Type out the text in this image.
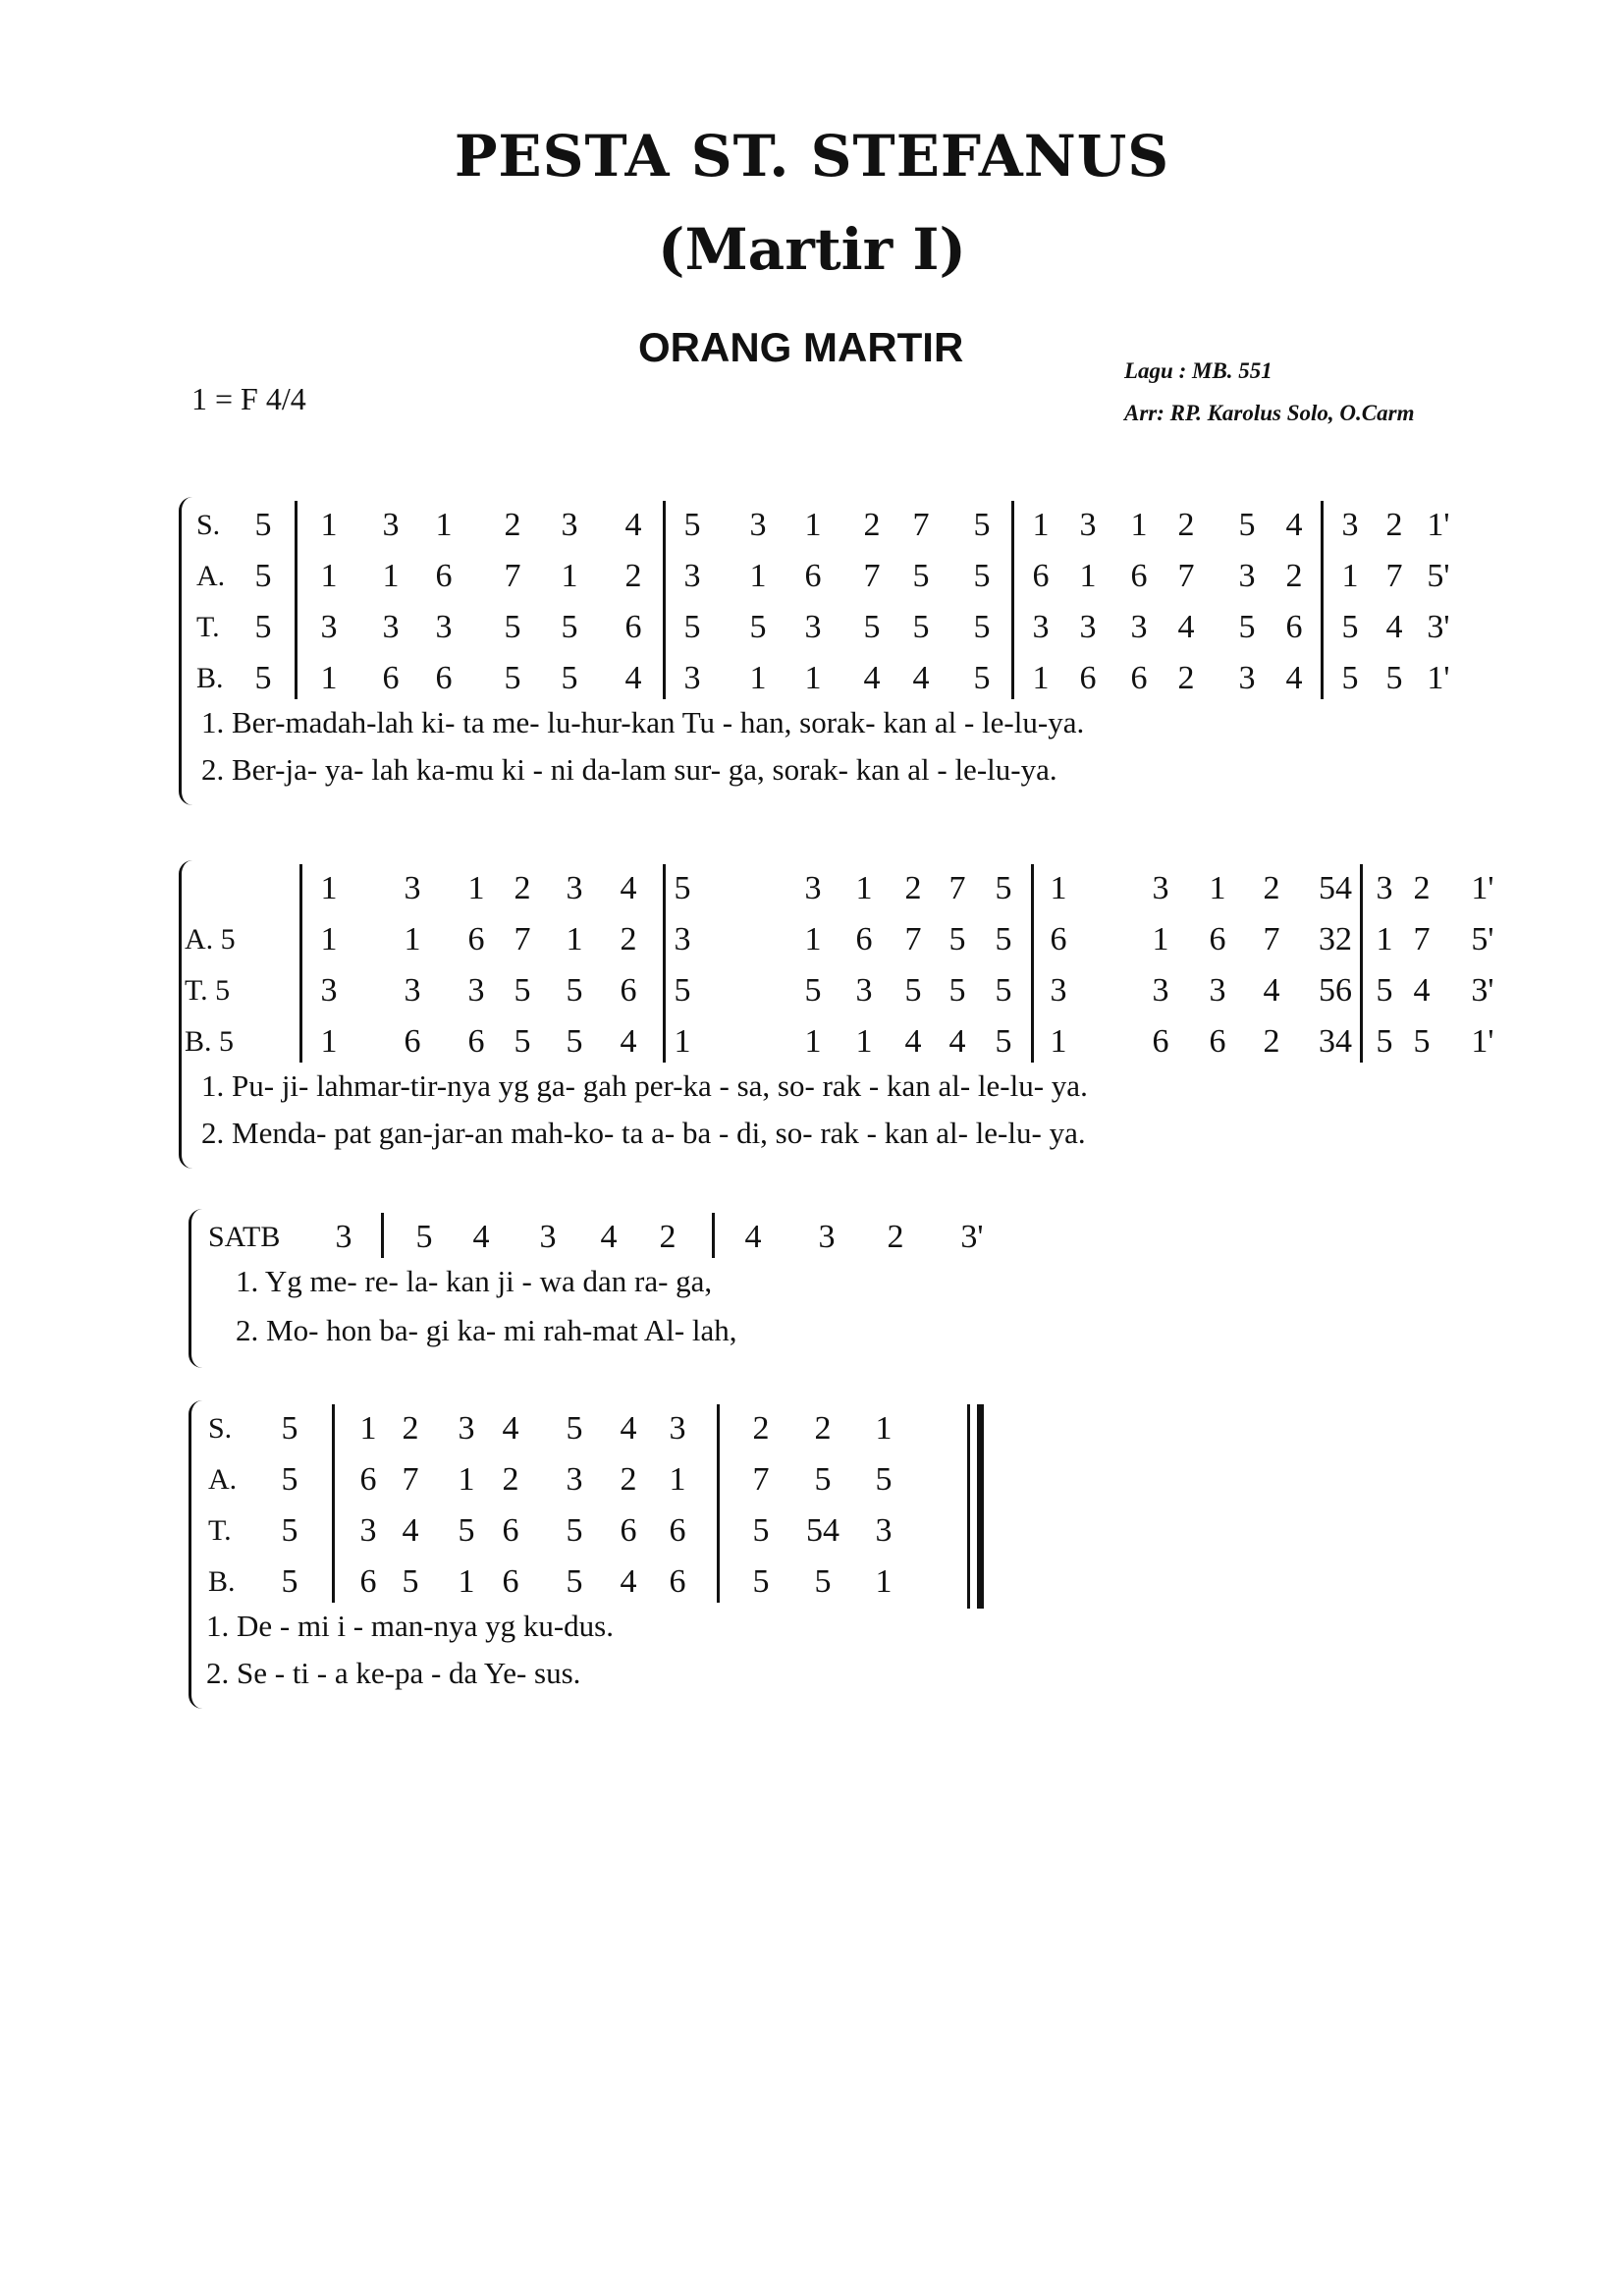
PESTA ST. STEFANUS
(Martir I)
ORANG MARTIR
Lagu : MB. 551
Arr: RP. Karolus Solo, O.Carm
1 = F 4/4
S.	5	1	3	1	2	3	4	5	3	1	2 7	5	1 3	1 2	5 4	3 2 1'
A. 5	1	1	6	7	1	2	3	1	6	7 5	5	6 1	6 7	3 2	1 7 5'
T.	5	3	3	3	5	5	6	5	5	3	5 5	5	3 3	3 4	5 6	5 4 3'
B. 5	1	6	6	5	5	4	3	1	1	4 4	5	1 6	6 2	3 4	5 5 1'
1. Ber-madah-lah ki- ta me- lu-hur-kan Tu - han, sorak- kan al - le-lu-ya.
2. Ber-ja- ya- lah ka-mu ki - ni da-lam sur- ga, sorak- kan al - le-lu-ya.
1	3	1 2	3	4	5	3	1 2 7 5	1	3	1	2	54 3 2	1'
A. 5	1	1	6 7	1	2	3	1	6 7 5 5	6	1	6	7	32 1 7	5'
T. 5	3	3	3 5	5	6	5	5	3 5 5 5	3	3	3	4	56 5 4	3'
B. 5	1	6	6 5	5	4	1	1	1 4 4 5	1	6	6	2	34 5 5	1'
1. Pu- ji- lahmar-tir-nya yg ga- gah per-ka - sa, so- rak - kan al- le-lu- ya.
2. Menda- pat gan-jar-an mah-ko- ta a- ba - di, so- rak - kan al- le-lu- ya.
SATB	3	5	4	3	4	2	4	3	2	3'
1. Yg me- re- la- kan ji - wa dan ra- ga,
2. Mo- hon ba- gi ka- mi rah-mat Al- lah,
S.	5	1 2	3 4	5	4 3	2	2	1
A.	5	6 7	1 2	3	2 1	7	5	5
T.	5	3 4	5 6	5	6 6	5	54	3
B.	5	6 5	1 6	5	4 6	5	5	1
1. De - mi i - man-nya yg ku-dus.
2. Se - ti - a ke-pa - da Ye- sus.
